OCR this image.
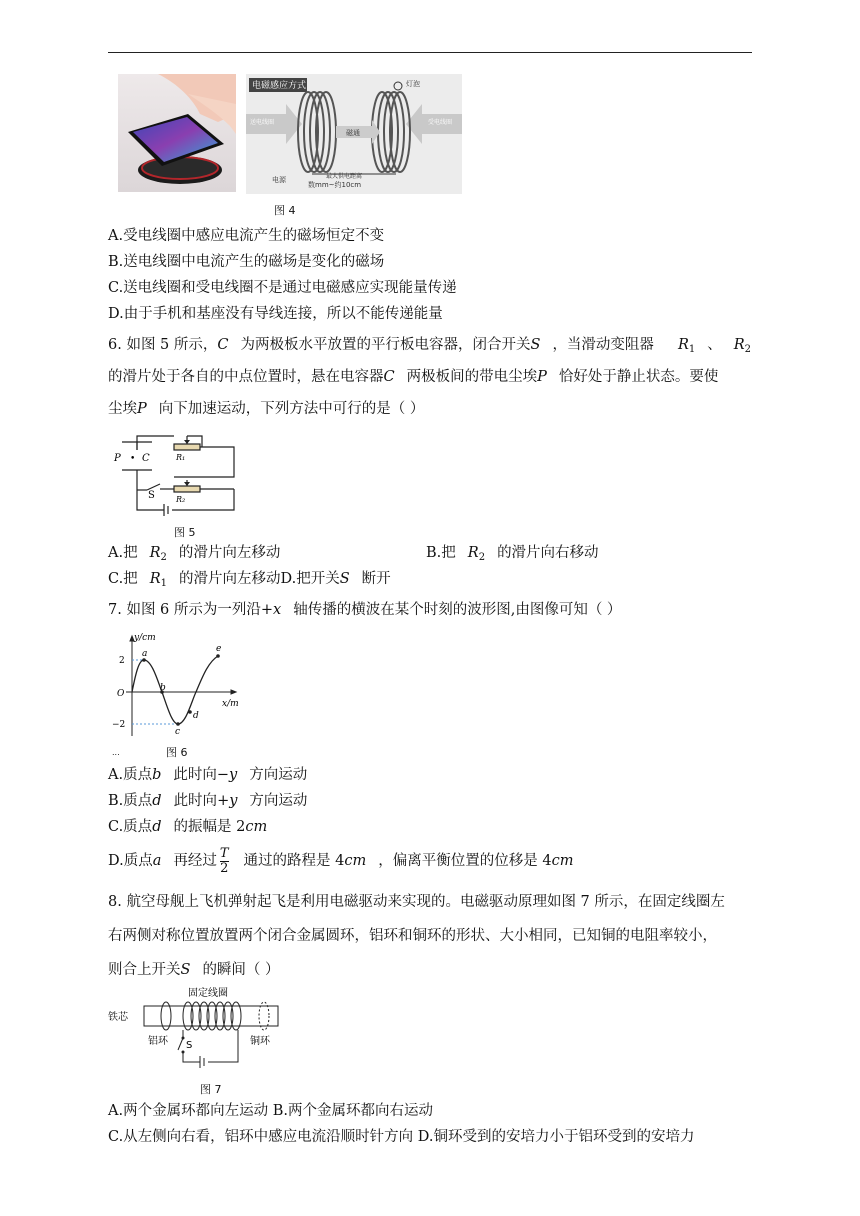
电磁感应方式	灯泡
磁通
送电线圈	受电线圈
最大供电距离
数mm~约10cm
电源
图 4
A.受电线圈中感应电流产生的磁场恒定不变
B.送电线圈中电流产生的磁场是变化的磁场
C.送电线圈和受电线圈不是通过电磁感应实现能量传递
D.由于手机和基座没有导线连接，所以不能传递能量
6. 如图 5 所示，C 为两极板水平放置的平行板电容器，闭合开关S ，当滑动变阻器 $R_1$ 、 $R_2$
的滑片处于各自的中点位置时，悬在电容器C 两极板间的带电尘埃P 恰好处于静止状态。要使
尘埃P 向下加速运动，下列方法中可行的是（ ）
P • C
S
R₁
R₂
图 5
A.把 $R_2$ 的滑片向左移动	B.把 $R_2$ 的滑片向右移动
C.把 $R_1$ 的滑片向左移动D.把开关S 断开
7. 如图 6 所示为一列沿+x 轴传播的横波在某个时刻的波形图,由图像可知（ ）
y/cm
x/m
O
2
−2
a
b
c
d
e
...	图 6
A.质点b 此时向−y 方向运动
B.质点d 此时向+y 方向运动
C.质点d 的振幅是 2cm
D.质点a 再经过 $\frac{T}{2}$ 通过的路程是 4cm ，偏离平衡位置的位移是 4cm
8. 航空母舰上飞机弹射起飞是利用电磁驱动来实现的。电磁驱动原理如图 7 所示，在固定线圈左
右两侧对称位置放置两个闭合金属圆环，铝环和铜环的形状、大小相同，已知铜的电阻率较小，
则合上开关S 的瞬间（ ）
固定线圈
铁芯
铝环	铜环
S
图 7
A.两个金属环都向左运动 B.两个金属环都向右运动
C.从左侧向右看，铝环中感应电流沿顺时针方向 D.铜环受到的安培力小于铝环受到的安培力
